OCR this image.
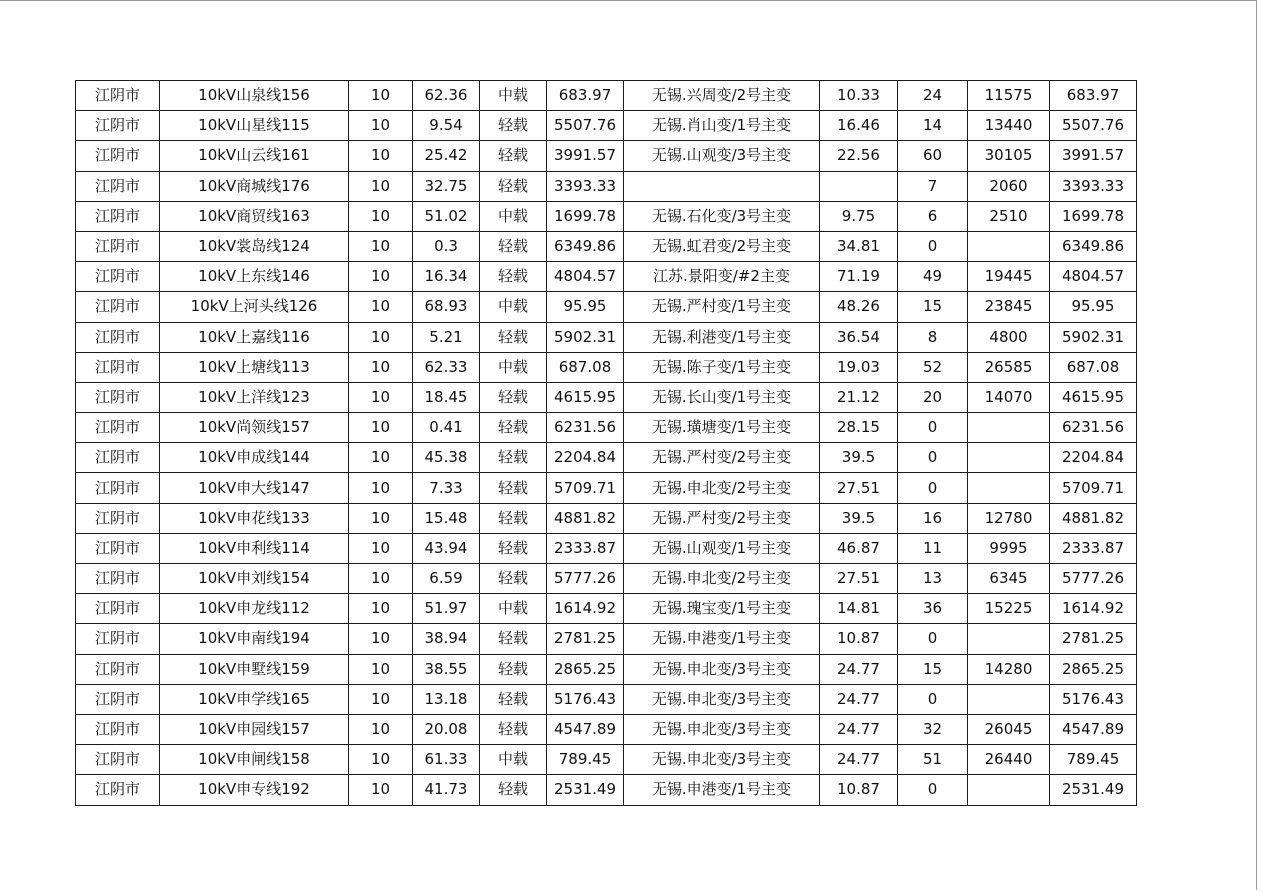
江阴市	10kV山泉线156	10	62.36	中载	683.97	无锡.兴周变/2号主变	10.33	24	11575	683.97
江阴市	10kV山星线115	10	9.54	轻载	5507.76	无锡.肖山变/1号主变	16.46	14	13440	5507.76
江阴市	10kV山云线161	10	25.42	轻载	3991.57	无锡.山观变/3号主变	22.56	60	30105	3991.57
江阴市	10kV商城线176	10	32.75	轻载	3393.33			7	2060	3393.33
江阴市	10kV商贸线163	10	51.02	中载	1699.78	无锡.石化变/3号主变	9.75	6	2510	1699.78
江阴市	10kV裳岛线124	10	0.3	轻载	6349.86	无锡.虹君变/2号主变	34.81	0		6349.86
江阴市	10kV上东线146	10	16.34	轻载	4804.57	江苏.景阳变/#2主变	71.19	49	19445	4804.57
江阴市	10kV上河头线126	10	68.93	中载	95.95	无锡.严村变/1号主变	48.26	15	23845	95.95
江阴市	10kV上嘉线116	10	5.21	轻载	5902.31	无锡.利港变/1号主变	36.54	8	4800	5902.31
江阴市	10kV上塘线113	10	62.33	中载	687.08	无锡.陈子变/1号主变	19.03	52	26585	687.08
江阴市	10kV上洋线123	10	18.45	轻载	4615.95	无锡.长山变/1号主变	21.12	20	14070	4615.95
江阴市	10kV尚领线157	10	0.41	轻载	6231.56	无锡.璜塘变/1号主变	28.15	0		6231.56
江阴市	10kV申成线144	10	45.38	轻载	2204.84	无锡.严村变/2号主变	39.5	0		2204.84
江阴市	10kV申大线147	10	7.33	轻载	5709.71	无锡.申北变/2号主变	27.51	0		5709.71
江阴市	10kV申花线133	10	15.48	轻载	4881.82	无锡.严村变/2号主变	39.5	16	12780	4881.82
江阴市	10kV申利线114	10	43.94	轻载	2333.87	无锡.山观变/1号主变	46.87	11	9995	2333.87
江阴市	10kV申刘线154	10	6.59	轻载	5777.26	无锡.申北变/2号主变	27.51	13	6345	5777.26
江阴市	10kV申龙线112	10	51.97	中载	1614.92	无锡.瑰宝变/1号主变	14.81	36	15225	1614.92
江阴市	10kV申南线194	10	38.94	轻载	2781.25	无锡.申港变/1号主变	10.87	0		2781.25
江阴市	10kV申墅线159	10	38.55	轻载	2865.25	无锡.申北变/3号主变	24.77	15	14280	2865.25
江阴市	10kV申学线165	10	13.18	轻载	5176.43	无锡.申北变/3号主变	24.77	0		5176.43
江阴市	10kV申园线157	10	20.08	轻载	4547.89	无锡.申北变/3号主变	24.77	32	26045	4547.89
江阴市	10kV申闸线158	10	61.33	中载	789.45	无锡.申北变/3号主变	24.77	51	26440	789.45
江阴市	10kV申专线192	10	41.73	轻载	2531.49	无锡.申港变/1号主变	10.87	0		2531.49
